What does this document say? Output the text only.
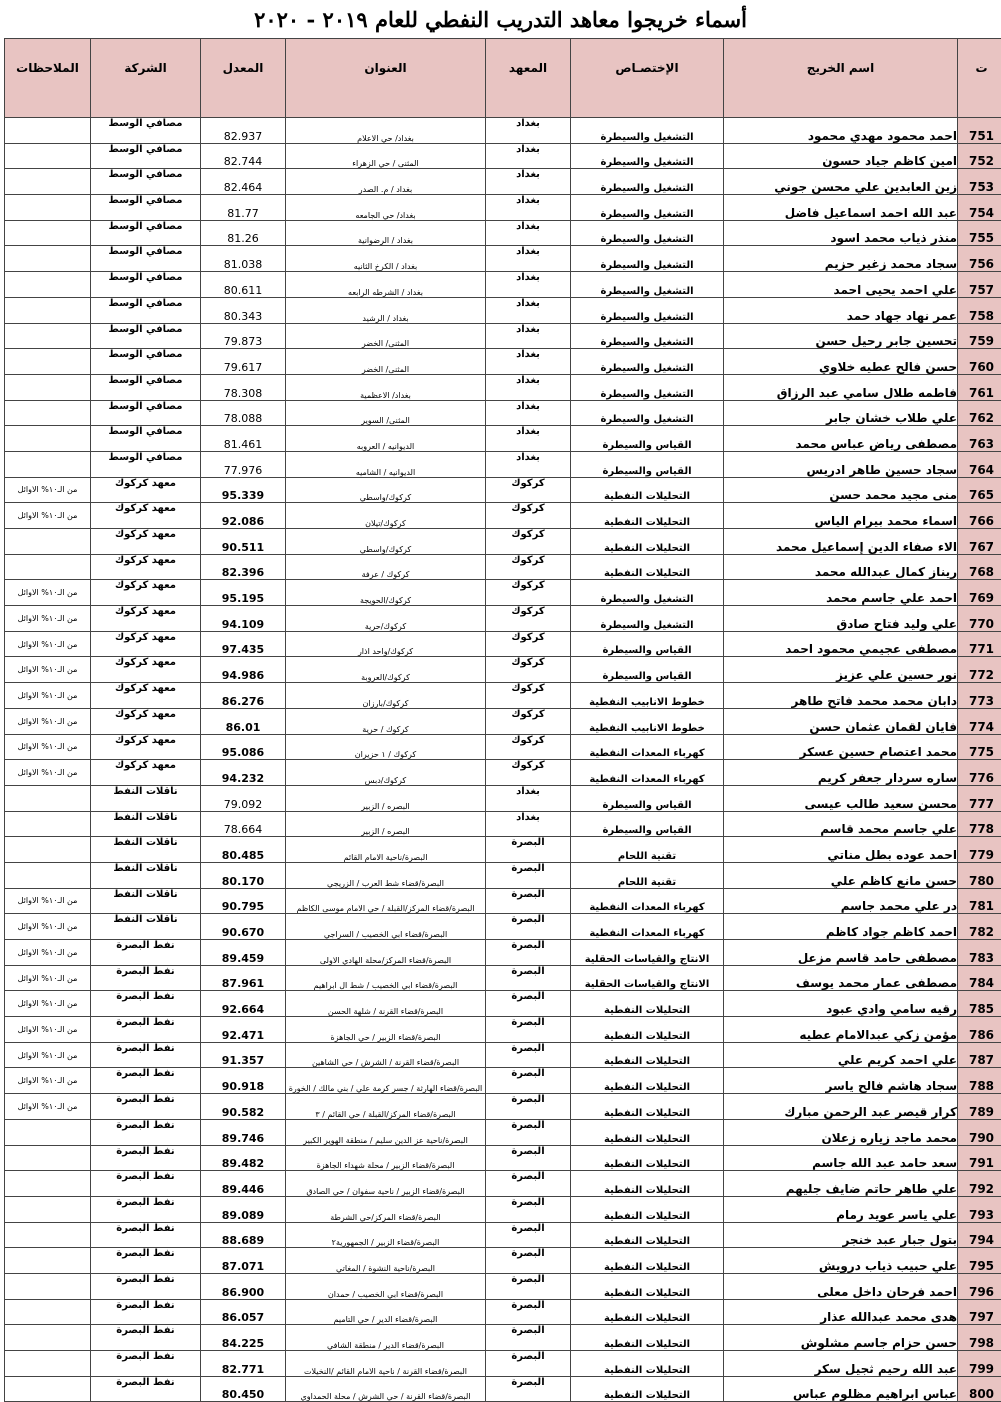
أسماء خريجوا معاهد التدريب النفطي للعام ٢٠١٩ - ٢٠٢٠
ت	اسم الخريج	الإختصـاص	المعهد	العنوان	المعدل	الشركة	الملاحظات
751	احمد محمود مهدي محمود	التشغيل والسيطرة	بغداد	بغداد/ حي الاعلام	82.937	مصافي الوسط	
752	امين كاظم جياد حسون	التشغيل والسيطرة	بغداد	المثنى / حي الزهراء	82.744	مصافي الوسط	
753	زين العابدين علي محسن جوني	التشغيل والسيطرة	بغداد	بغداد / م. الصدر	82.464	مصافي الوسط	
754	عبد الله احمد اسماعيل فاضل	التشغيل والسيطرة	بغداد	بغداد/ حي الجامعه	81.77	مصافي الوسط	
755	منذر ذياب محمد اسود	التشغيل والسيطرة	بغداد	بغداد / الرضوانية	81.26	مصافي الوسط	
756	سجاد محمد زغير حزيم	التشغيل والسيطرة	بغداد	بغداد / الكرخ الثانيه	81.038	مصافي الوسط	
757	علي احمد يحيى احمد	التشغيل والسيطرة	بغداد	بغداد / الشرطه الرابعه	80.611	مصافي الوسط	
758	عمر نهاد جهاد حمد	التشغيل والسيطرة	بغداد	بغداد / الرشيد	80.343	مصافي الوسط	
759	تحسين جابر رحيل حسن	التشغيل والسيطرة	بغداد	المثنى/ الخضر	79.873	مصافي الوسط	
760	حسن فالح عطيه خلاوي	التشغيل والسيطرة	بغداد	المثنى/ الخضر	79.617	مصافي الوسط	
761	فاطمه طلال سامي عبد الرزاق	التشغيل والسيطرة	بغداد	بغداد/ الاعظمية	78.308	مصافي الوسط	
762	علي طلاب خشان جابر	التشغيل والسيطرة	بغداد	المثنى/ السوير	78.088	مصافي الوسط	
763	مصطفى رياض عباس محمد	القياس والسيطرة	بغداد	الديوانيه / العروبه	81.461	مصافي الوسط	
764	سجاد حسين طاهر ادريس	القياس والسيطرة	بغداد	الديوانيه / الشاميه	77.976	مصافي الوسط	
765	منى مجيد محمد حسن	التحليلات النفطية	كركوك	كركوك/واسطي	95.339	معهد كركوك	من الـ١٠% الاوائل
766	اسماء محمد بيرام الياس	التحليلات النفطية	كركوك	كركوك/تيلان	92.086	معهد كركوك	من الـ١٠% الاوائل
767	الاء صفاء الدين إسماعيل محمد	التحليلات النفطية	كركوك	كركوك/واسطي	90.511	معهد كركوك	
768	ريناز كمال عبدالله محمد	التحليلات النفطية	كركوك	كركوك / عرفة	82.396	معهد كركوك	
769	احمد علي جاسم محمد	التشغيل والسيطرة	كركوك	كركوك/الحويجة	95.195	معهد كركوك	من الـ١٠% الاوائل
770	علي وليد فتاح صادق	التشغيل والسيطرة	كركوك	كركوك/حرية	94.109	معهد كركوك	من الـ١٠% الاوائل
771	مصطفى عجيمي محمود احمد	القياس والسيطرة	كركوك	كركوك/واحد اذار	97.435	معهد كركوك	من الـ١٠% الاوائل
772	نور حسين علي عزيز	القياس والسيطرة	كركوك	كركوك/العروبة	94.986	معهد كركوك	من الـ١٠% الاوائل
773	دابان محمد محمد فاتح طاهر	خطوط الانابيب النفطية	كركوك	كركوك/بارزان	86.276	معهد كركوك	من الـ١٠% الاوائل
774	فايان لقمان عثمان حسن	خطوط الانابيب النفطية	كركوك	كركوك / حرية	86.01	معهد كركوك	من الـ١٠% الاوائل
775	محمد اعتصام حسين عسكر	كهرباء المعدات النفطية	كركوك	كركوك / ١ حزيران	95.086	معهد كركوك	من الـ١٠% الاوائل
776	ساره سردار جعفر كريم	كهرباء المعدات النفطية	كركوك	كركوك/دبس	94.232	معهد كركوك	من الـ١٠% الاوائل
777	محسن سعيد طالب عيسى	القياس والسيطرة	بغداد	البصره / الزبير	79.092	ناقلات النفط	
778	علي جاسم محمد قاسم	القياس والسيطرة	بغداد	البصره / الزبير	78.664	ناقلات النفط	
779	احمد عوده بطل مناتي	تقنية اللحام	البصرة	البصرة/ناحية الامام القائم	80.485	ناقلات النفط	
780	حسن مانع كاظم علي	تقنية اللحام	البصرة	البصرة/قضاء شط العرب / الزريجي	80.170	ناقلات النفط	
781	در علي محمد جاسم	كهرباء المعدات النفطية	البصرة	البصرة/قضاء المركز/القبلة / حي الامام موسى الكاظم	90.795	ناقلات النفط	من الـ١٠% الاوائل
782	احمد كاظم جواد كاظم	كهرباء المعدات النفطية	البصرة	البصرة/قضاء ابي الخصيب / السراجي	90.670	ناقلات النفط	من الـ١٠% الاوائل
783	مصطفى حامد قاسم مزعل	الانتاج والقياسات الحقلية	البصرة	البصرة/قضاء المركز/محلة الهادي الاولى	89.459	نفط البصرة	من الـ١٠% الاوائل
784	مصطفى عمار محمد يوسف	الانتاج والقياسات الحقلية	البصرة	البصرة/قضاء ابي الخصيب / شط ال ابراهيم	87.961	نفط البصرة	من الـ١٠% الاوائل
785	رقيه سامي وادي عبود	التحليلات النفطية	البصرة	البصرة/قضاء القرنة / شلهة الحسن	92.664	نفط البصرة	من الـ١٠% الاوائل
786	مؤمن زكي عبدالامام عطيه	التحليلات النفطية	البصرة	البصرة/قضاء الزبير / حي الجاهزة	92.471	نفط البصرة	من الـ١٠% الاوائل
787	علي احمد كريم علي	التحليلات النفطية	البصرة	البصرة/قضاء القرنة / الشرش / حي الشاهين	91.357	نفط البصرة	من الـ١٠% الاوائل
788	سجاد هاشم فالح ياسر	التحليلات النفطية	البصرة	البصرة/قضاء الهارثة / جسر كرمة علي / بني مالك / الخورة	90.918	نفط البصرة	من الـ١٠% الاوائل
789	كرار قيصر عبد الرحمن مبارك	التحليلات النفطية	البصرة	البصرة/قضاء المركز/القبلة / حي القائم / ٣	90.582	نفط البصرة	من الـ١٠% الاوائل
790	محمد ماجد زياره زعلان	التحليلات النفطية	البصرة	البصرة/ناحية عز الدين سليم / منطقة الهوير الكبير	89.746	نفط البصرة	
791	سعد حامد عبد الله جاسم	التحليلات النفطية	البصرة	البصرة/قضاء الزبير / محلة شهداء الجاهزة	89.482	نفط البصرة	
792	علي طاهر حاتم ضايف جليهم	التحليلات النفطية	البصرة	البصرة/قضاء الزبير / ناحية سفوان / حي الصادق	89.446	نفط البصرة	
793	علي ياسر عويد رمام	التحليلات النفطية	البصرة	البصرة/قضاء المركز/حي الشرطة	89.089	نفط البصرة	
794	بتول جبار عبد خنجر	التحليلات النفطية	البصرة	البصرة/قضاء الزبير / الجمهورية٢	88.689	نفط البصرة	
795	علي حبيب ذياب درويش	التحليلات النفطية	البصرة	البصرة/ناحية النشوة / المغاتي	87.071	نفط البصرة	
796	احمد فرحان داخل معلى	التحليلات النفطية	البصرة	البصرة/قضاء ابي الخصيب / حمدان	86.900	نفط البصرة	
797	هدى محمد عبدالله عذار	التحليلات النفطية	البصرة	البصرة/قضاء الدير / حي التاميم	86.057	نفط البصرة	
798	حسن حزام جاسم مشلوش	التحليلات النفطية	البصرة	البصرة/قضاء الدير / منطقة الشافي	84.225	نفط البصرة	
799	عبد الله رحيم ثجيل سكر	التحليلات النفطية	البصرة	البصرة/قضاء القرنة / ناحية الامام القائم /النخيلات	82.771	نفط البصرة	
800	عباس ابراهيم مظلوم عباس	التحليلات النفطية	البصرة	البصرة/قضاء القرنة / حي الشرش / محلة الحمداوي	80.450	نفط البصرة	
